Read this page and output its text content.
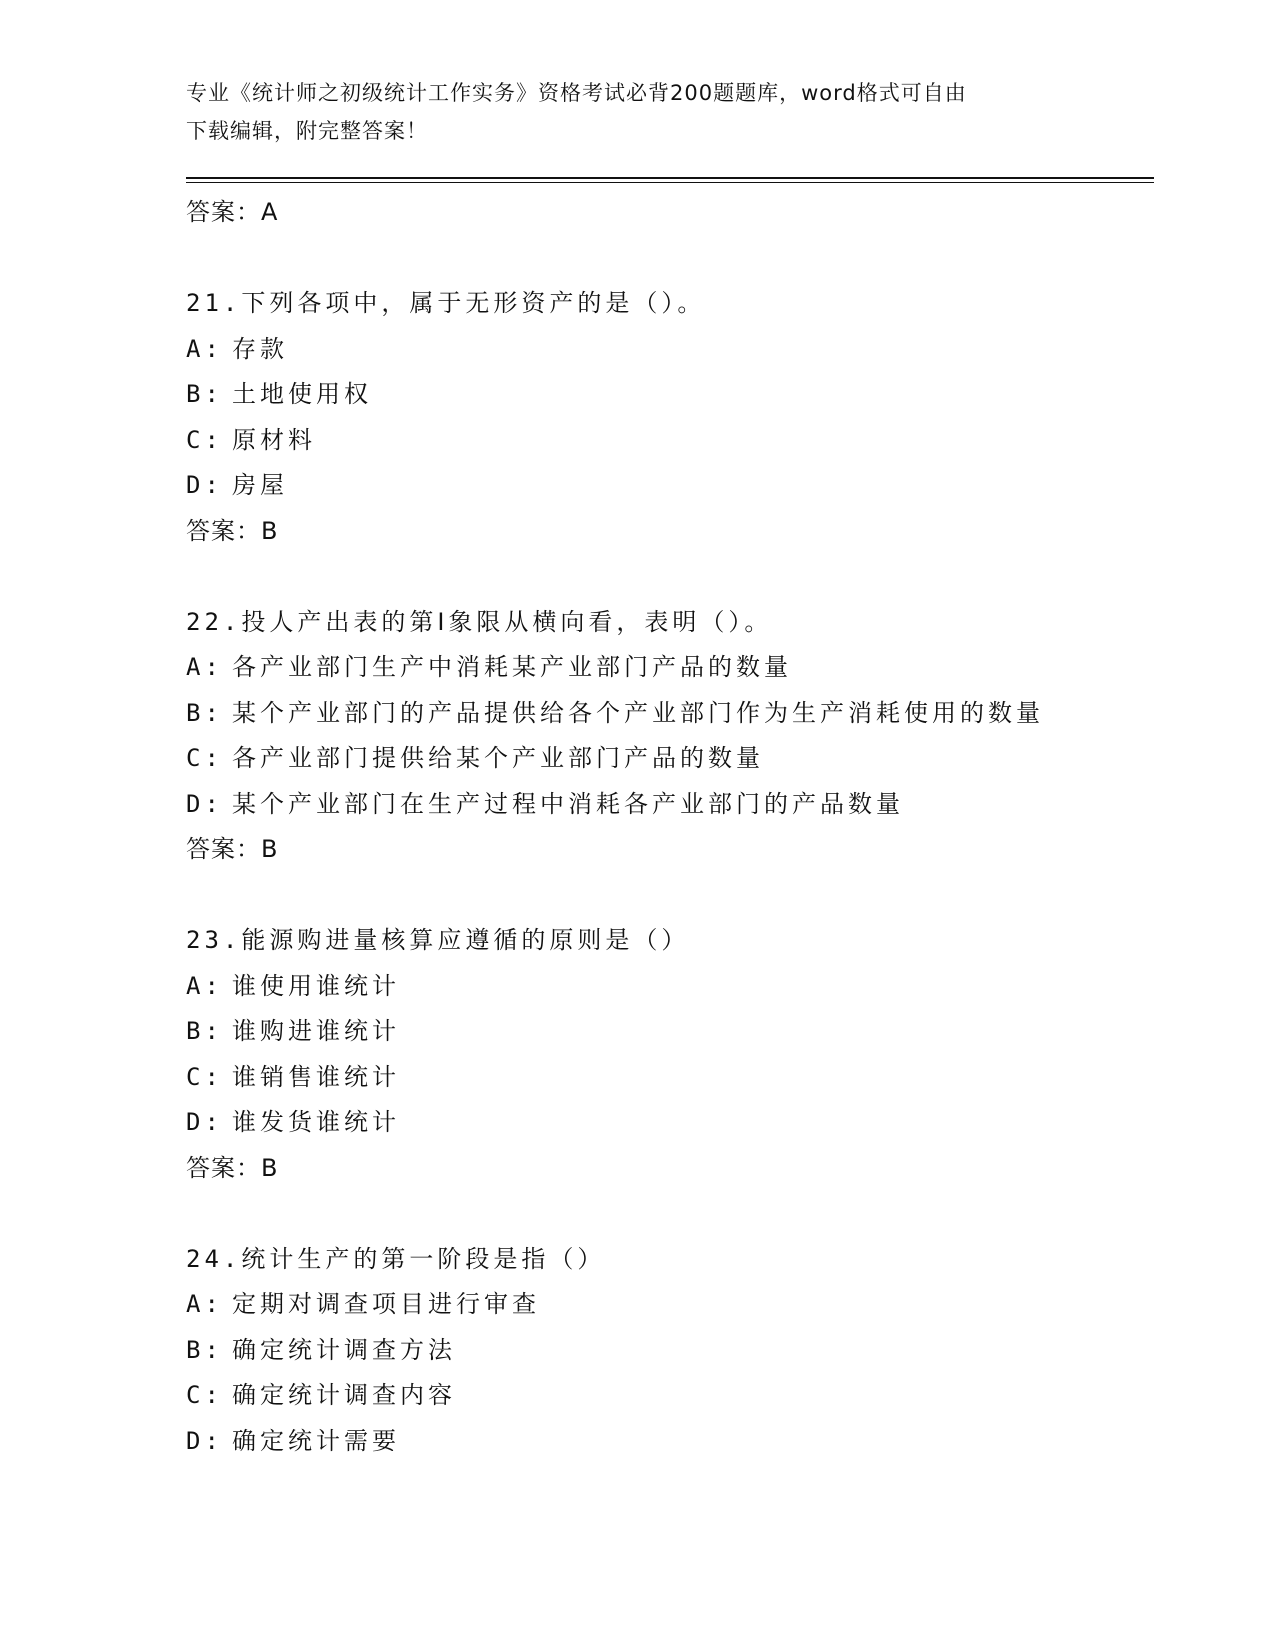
专业《统计师之初级统计工作实务》资格考试必背200题题库，word格式可自由
下载编辑，附完整答案！
答案：A
21.下列各项中，属于无形资产的是（）。
A: 存款
B: 土地使用权
C: 原材料
D: 房屋
答案：B
22.投人产出表的第Ⅰ象限从横向看，表明（）。
A: 各产业部门生产中消耗某产业部门产品的数量
B: 某个产业部门的产品提供给各个产业部门作为生产消耗使用的数量
C: 各产业部门提供给某个产业部门产品的数量
D: 某个产业部门在生产过程中消耗各产业部门的产品数量
答案：B
23.能源购进量核算应遵循的原则是（）
A: 谁使用谁统计
B: 谁购进谁统计
C: 谁销售谁统计
D: 谁发货谁统计
答案：B
24.统计生产的第一阶段是指（）
A: 定期对调查项目进行审查
B: 确定统计调查方法
C: 确定统计调查内容
D: 确定统计需要
